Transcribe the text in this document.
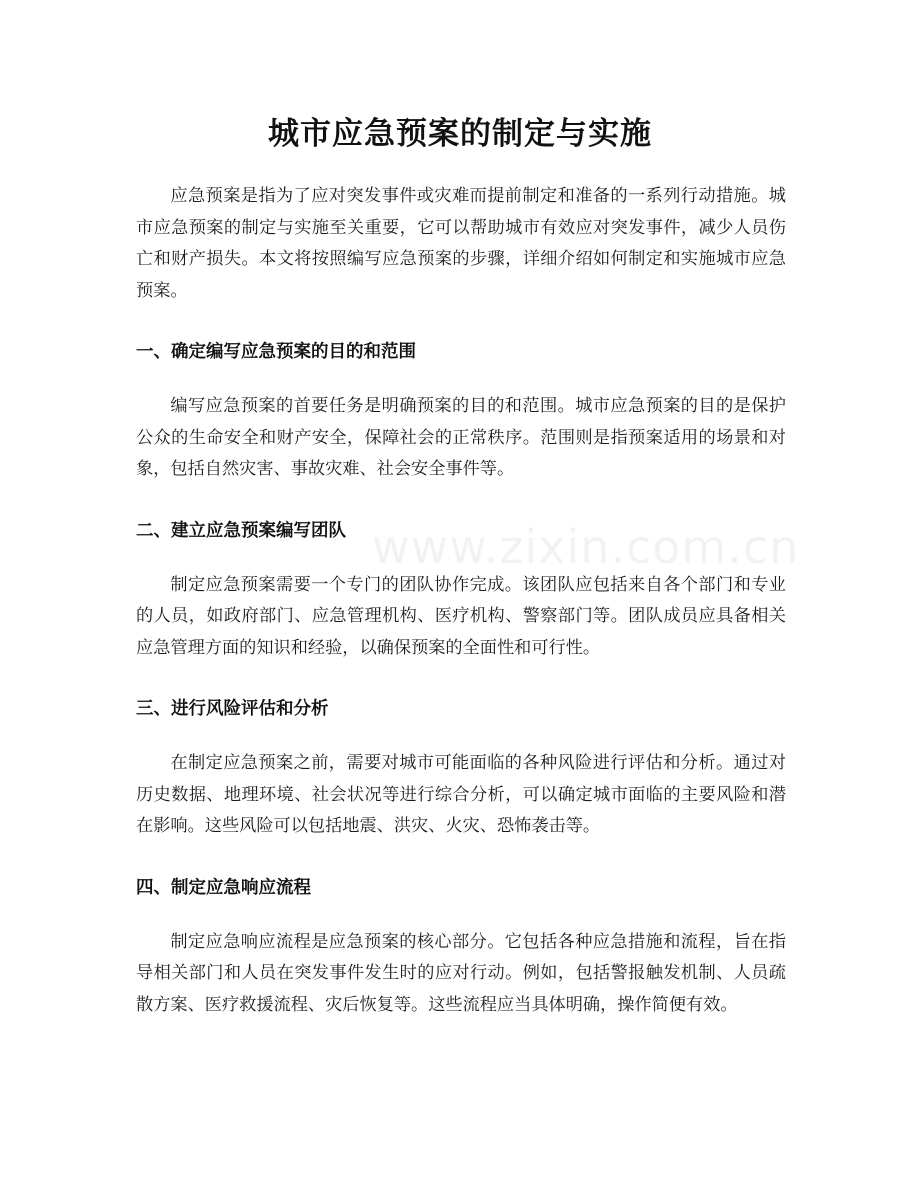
城市应急预案的制定与实施
www.zixin.com.cn

应急预案是指为了应对突发事件或灾难而提前制定和准备的一系列行动措施。城市应急预案的制定与实施至关重要，它可以帮助城市有效应对突发事件，减少人员伤亡和财产损失。本文将按照编写应急预案的步骤，详细介绍如何制定和实施城市应急预案。

一、确定编写应急预案的目的和范围

编写应急预案的首要任务是明确预案的目的和范围。城市应急预案的目的是保护公众的生命安全和财产安全，保障社会的正常秩序。范围则是指预案适用的场景和对象，包括自然灾害、事故灾难、社会安全事件等。

二、建立应急预案编写团队

制定应急预案需要一个专门的团队协作完成。该团队应包括来自各个部门和专业的人员，如政府部门、应急管理机构、医疗机构、警察部门等。团队成员应具备相关应急管理方面的知识和经验，以确保预案的全面性和可行性。

三、进行风险评估和分析

在制定应急预案之前，需要对城市可能面临的各种风险进行评估和分析。通过对历史数据、地理环境、社会状况等进行综合分析，可以确定城市面临的主要风险和潜在影响。这些风险可以包括地震、洪灾、火灾、恐怖袭击等。

四、制定应急响应流程

制定应急响应流程是应急预案的核心部分。它包括各种应急措施和流程，旨在指导相关部门和人员在突发事件发生时的应对行动。例如，包括警报触发机制、人员疏散方案、医疗救援流程、灾后恢复等。这些流程应当具体明确，操作简便有效。
